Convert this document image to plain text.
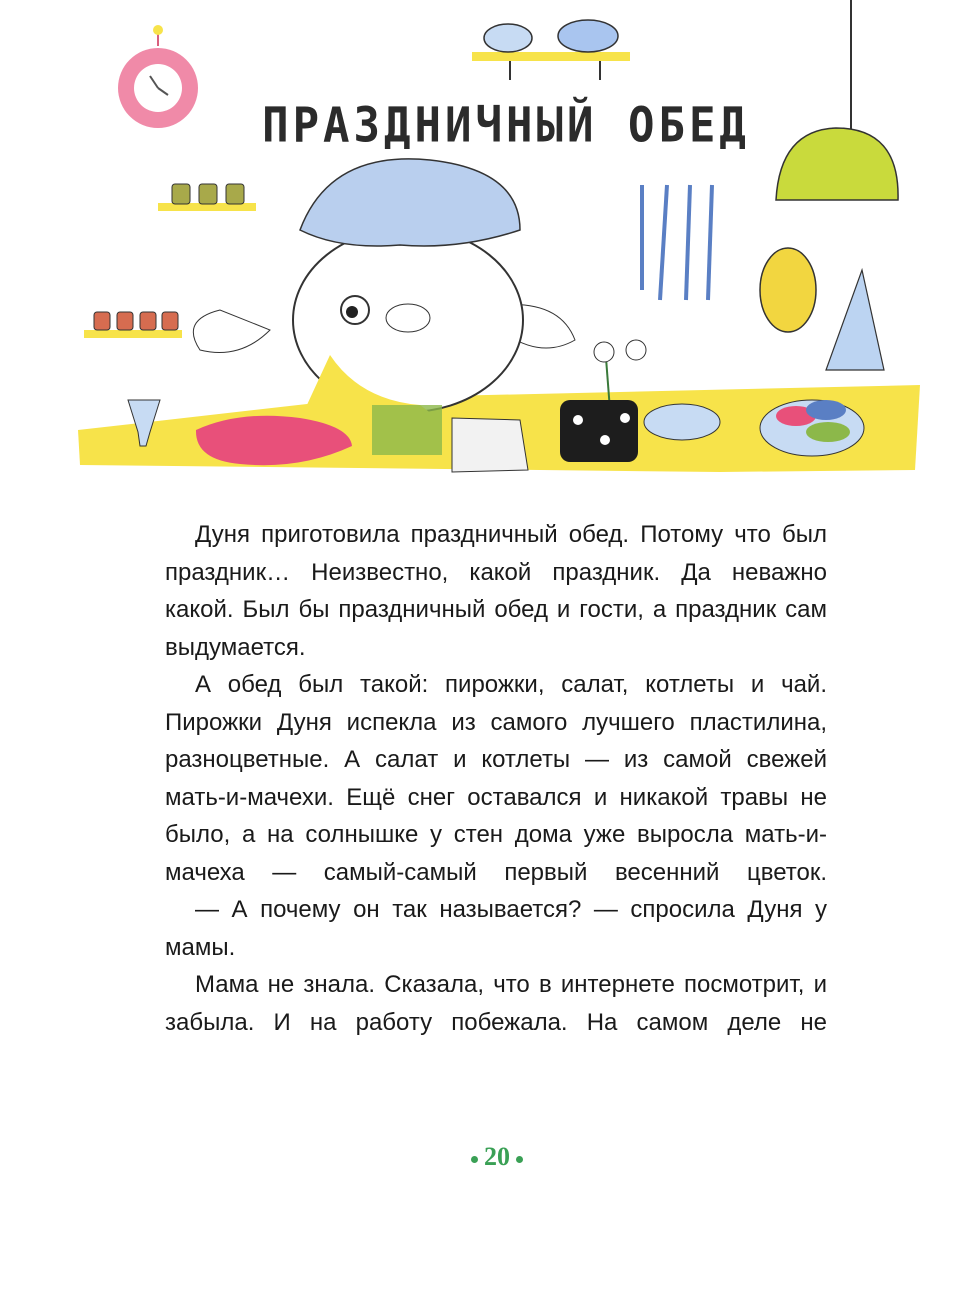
ПРАЗДНИЧНЫЙ ОБЕД

Дуня приготовила праздничный обед. Потому что был праздник… Неизвестно, какой праздник. Да неважно какой. Был бы праздничный обед и гости, а праздник сам выдумается.

А обед был такой: пирожки, салат, котлеты и чай. Пирожки Дуня испекла из самого лучшего пластилина, разноцветные. А салат и котлеты — из самой свежей мать-и-мачехи. Ещё снег оставался и никакой травы не было, а на солнышке у стен дома уже выросла мать-и-мачеха — самый-самый первый весенний цветок.

— А почему он так называется? — спросила Дуня у мамы.

Мама не знала. Сказала, что в интернете посмотрит, и забыла. И на работу побежала. На самом деле не

20
